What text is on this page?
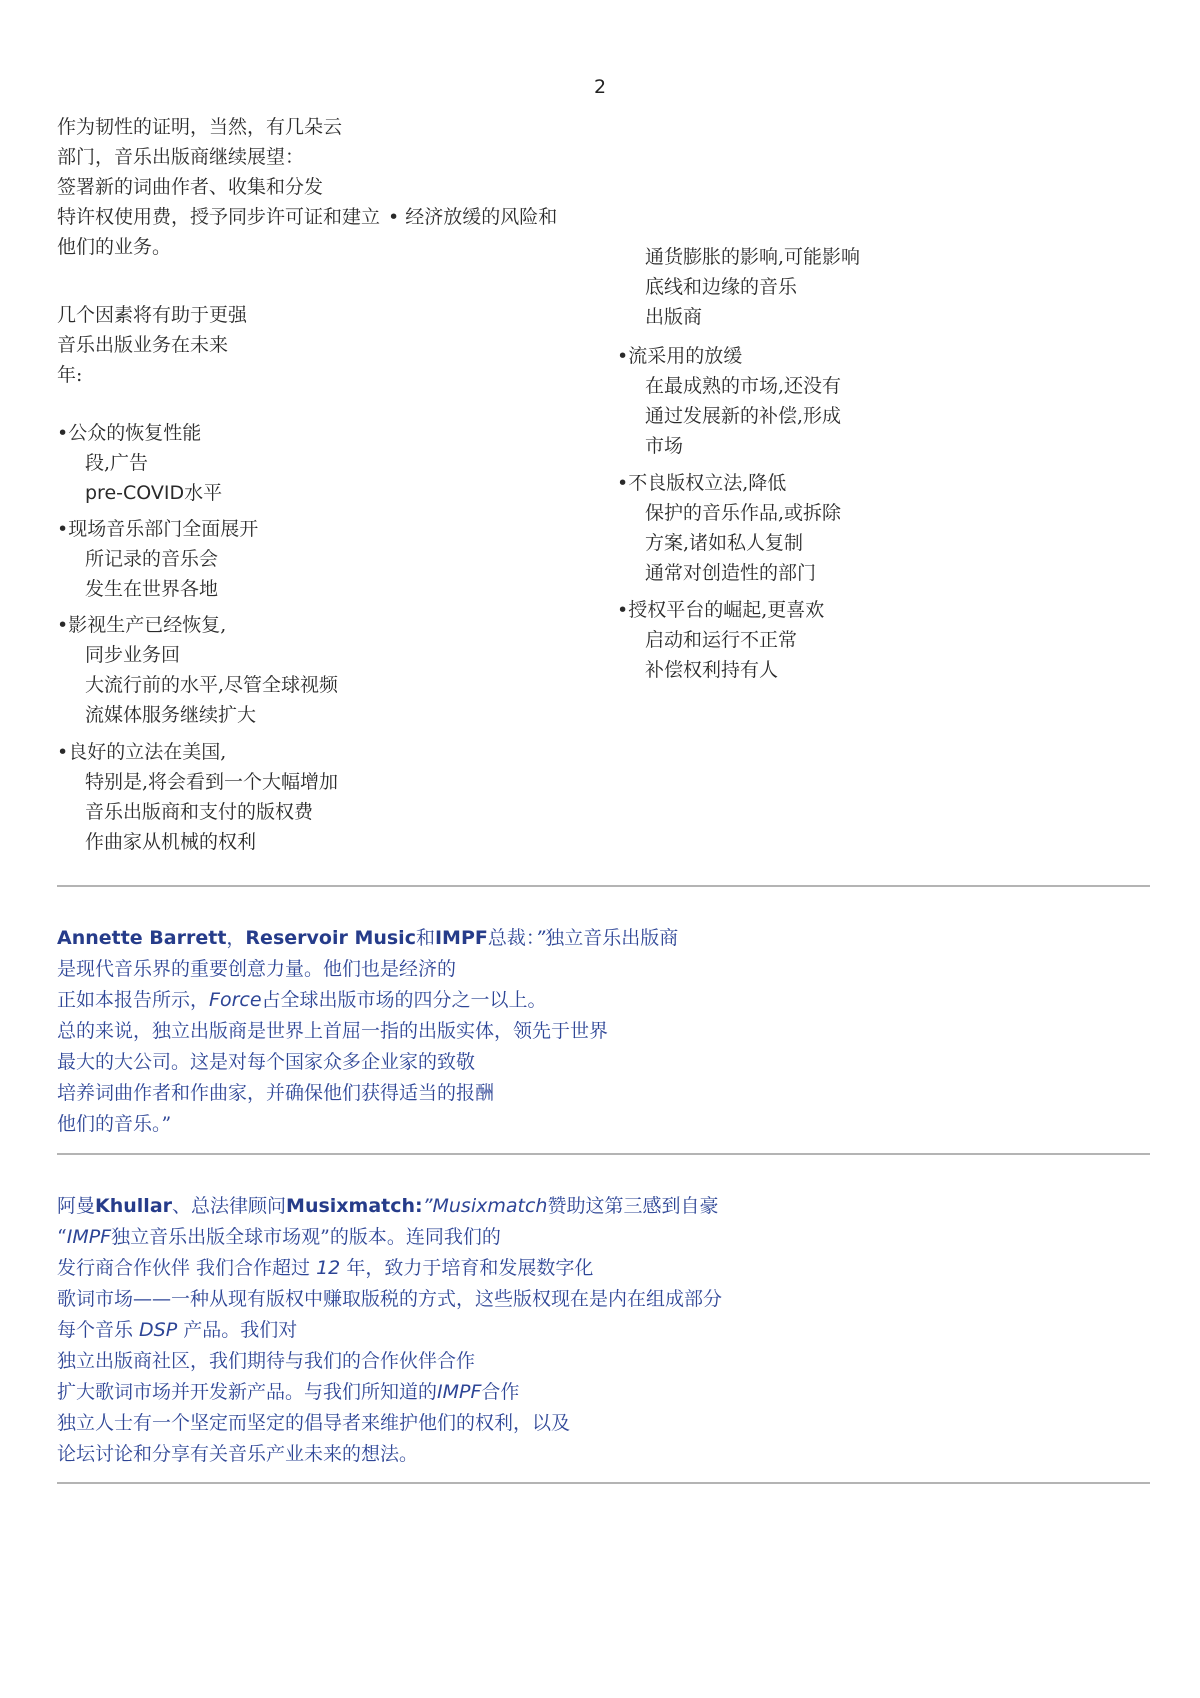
2
作为韧性的证明，当然，有几朵云
部门，音乐出版商继续展望：
签署新的词曲作者、收集和分发
特许权使用费，授予同步许可证和建立 • 经济放缓的风险和
他们的业务。
几个因素将有助于更强
音乐出版业务在未来
年:
•公众的恢复性能
段,广告
pre-COVID水平
•现场音乐部门全面展开
所记录的音乐会
发生在世界各地
•影视生产已经恢复,
同步业务回
大流行前的水平,尽管全球视频
流媒体服务继续扩大
•良好的立法在美国,
特别是,将会看到一个大幅增加
音乐出版商和支付的版权费
作曲家从机械的权利
通货膨胀的影响,可能影响
底线和边缘的音乐
出版商
•流采用的放缓
在最成熟的市场,还没有
通过发展新的补偿,形成
市场
•不良版权立法,降低
保护的音乐作品,或拆除
方案,诸如私人复制
通常对创造性的部门
•授权平台的崛起,更喜欢
启动和运行不正常
补偿权利持有人
Annette Barrett，Reservoir Music和IMPF总裁：”独立音乐出版商
是现代音乐界的重要创意力量。他们也是经济的
正如本报告所示，Force占全球出版市场的四分之一以上。
总的来说，独立出版商是世界上首屈一指的出版实体，领先于世界
最大的大公司。这是对每个国家众多企业家的致敬
培养词曲作者和作曲家，并确保他们获得适当的报酬
他们的音乐。”
阿曼Khullar、总法律顾问Musixmatch:”Musixmatch赞助这第三感到自豪
“IMPF独立音乐出版全球市场观”的版本。连同我们的
发行商合作伙伴 我们合作超过 12 年，致力于培育和发展数字化
歌词市场——一种从现有版权中赚取版税的方式，这些版权现在是内在组成部分
每个音乐 DSP 产品。我们对
独立出版商社区，我们期待与我们的合作伙伴合作
扩大歌词市场并开发新产品。与我们所知道的IMPF合作
独立人士有一个坚定而坚定的倡导者来维护他们的权利，以及
论坛讨论和分享有关音乐产业未来的想法。
